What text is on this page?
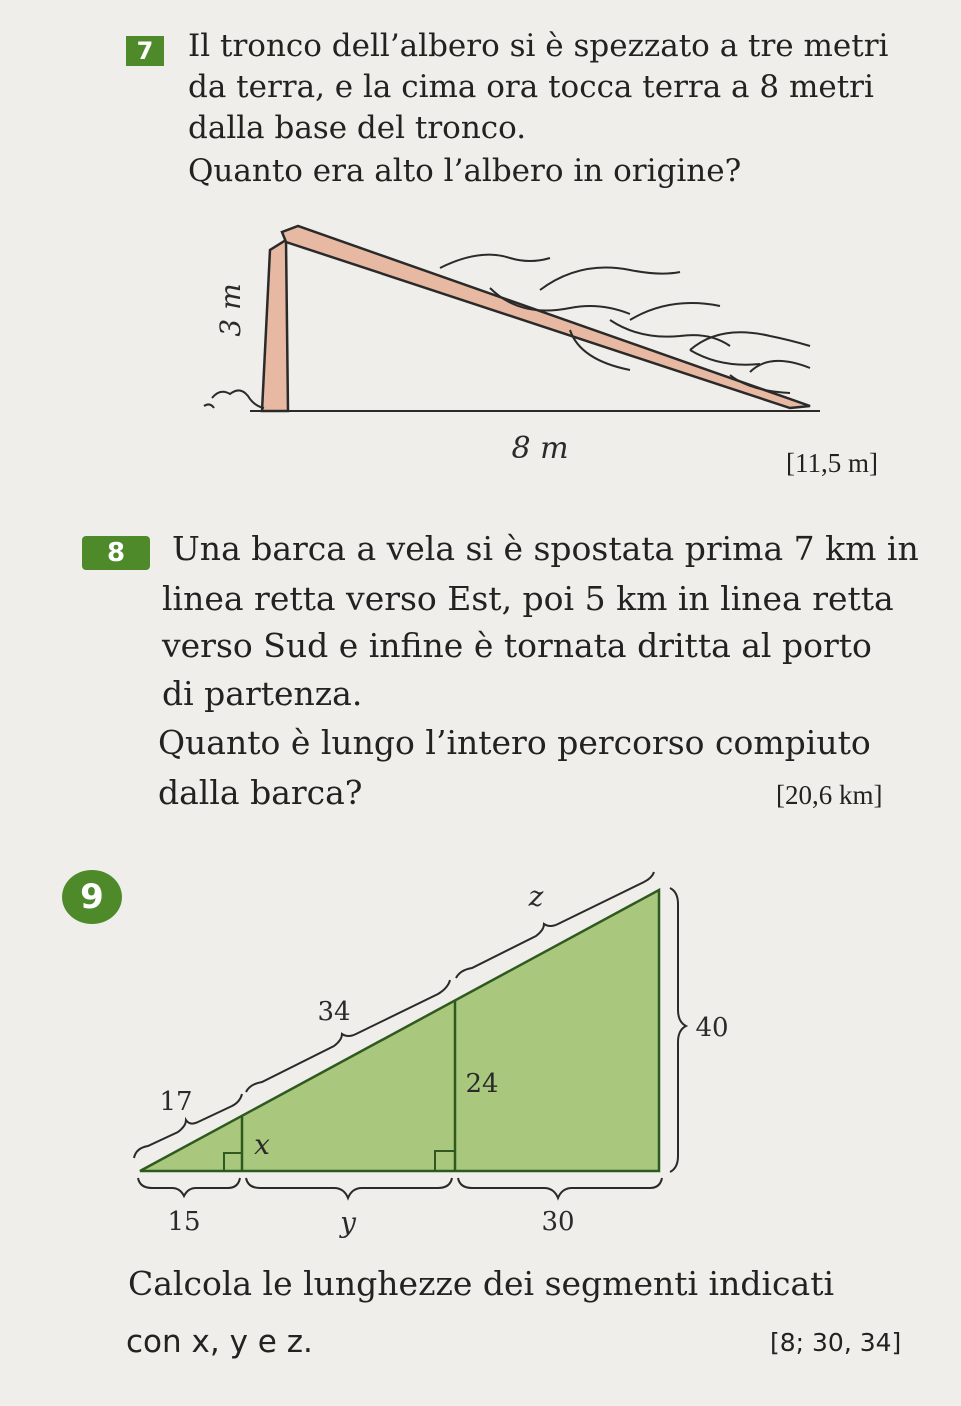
7	Il tronco dell’albero si è spezzato a tre metri
da terra, e la cima ora tocca terra a 8 metri
dalla base del tronco.
Quanto era alto l’albero in origine?
3 m
8 m	[11,5 m]
8	Una barca a vela si è spostata prima 7 km in
linea retta verso Est, poi 5 km in linea retta
verso Sud e infine è tornata dritta al porto
di partenza.
Quanto è lungo l’intero percorso compiuto
dalla barca?	[20,6 km]
9	z
34
40
17
24
x
15	y	30
Calcola le lunghezze dei segmenti indicati
con x, y e z.	[8; 30, 34]
